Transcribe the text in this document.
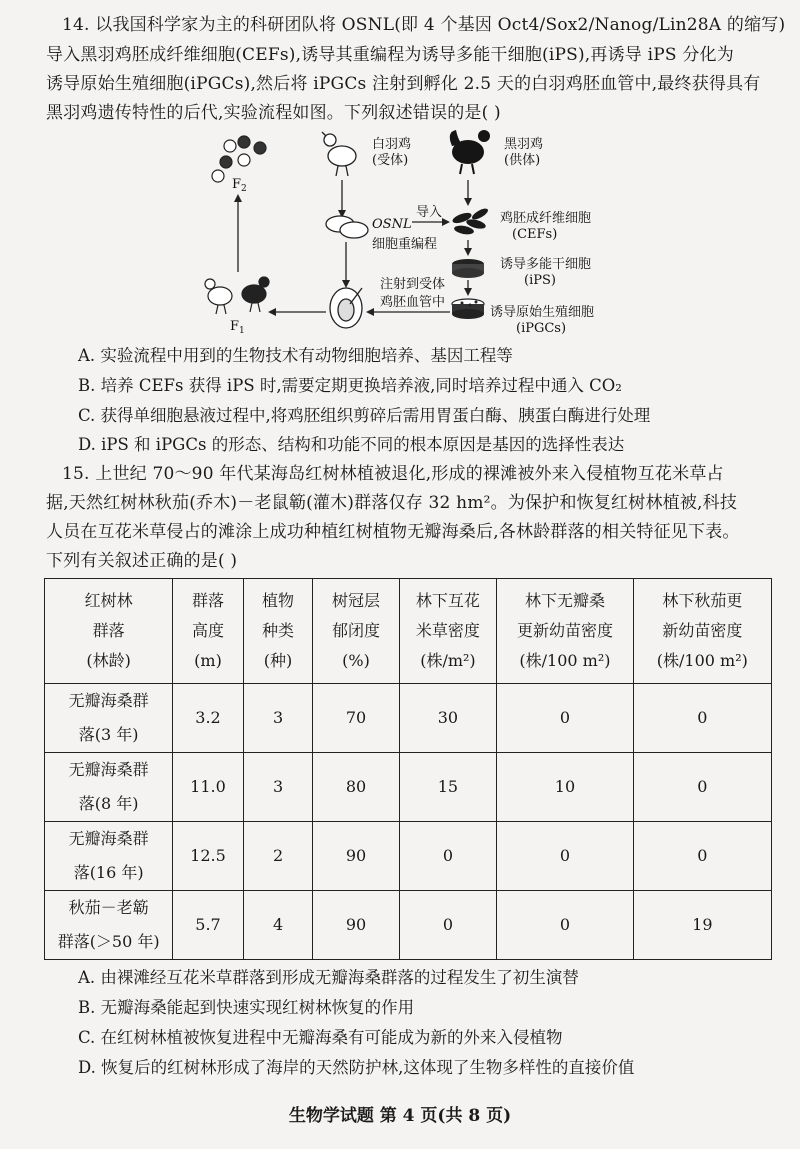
14. 以我国科学家为主的科研团队将 OSNL(即 4 个基因 Oct4/Sox2/Nanog/Lin28A 的缩写)
导入黑羽鸡胚成纤维细胞(CEFs),诱导其重编程为诱导多能干细胞(iPS),再诱导 iPS 分化为
诱导原始生殖细胞(iPGCs),然后将 iPGCs 注射到孵化 2.5 天的白羽鸡胚血管中,最终获得具有
黑羽鸡遗传特性的后代,实验流程如图。下列叙述错误的是( )
$F_2$
白羽鸡
(受体)
黑羽鸡
(供体)
OSNL
导入
细胞重编程
鸡胚成纤维细胞
(CEFs)
诱导多能干细胞
(iPS)
诱导原始生殖细胞
(iPGCs)
注射到受体
鸡胚血管中
$F_1$
A. 实验流程中用到的生物技术有动物细胞培养、基因工程等
B. 培养 CEFs 获得 iPS 时,需要定期更换培养液,同时培养过程中通入 CO₂
C. 获得单细胞悬液过程中,将鸡胚组织剪碎后需用胃蛋白酶、胰蛋白酶进行处理
D. iPS 和 iPGCs 的形态、结构和功能不同的根本原因是基因的选择性表达
15. 上世纪 70～90 年代某海岛红树林植被退化,形成的裸滩被外来入侵植物互花米草占
据,天然红树林秋茄(乔木)－老鼠簕(灌木)群落仅存 32 hm²。为保护和恢复红树林植被,科技
人员在互花米草侵占的滩涂上成功种植红树植物无瓣海桑后,各林龄群落的相关特征见下表。
下列有关叙述正确的是( )
红树林
群落
(林龄)	群落
高度
(m)	植物
种类
(种)	树冠层
郁闭度
(%)	林下互花
米草密度
(株/m²)	林下无瓣桑
更新幼苗密度
(株/100 m²)	林下秋茄更
新幼苗密度
(株/100 m²)

无瓣海桑群
落(3 年)	3.2	3	70	30	0	0

无瓣海桑群
落(8 年)	11.0	3	80	15	10	0

无瓣海桑群
落(16 年)	12.5	2	90	0	0	0

秋茄－老簕
群落(＞50 年)	5.7	4	90	0	0	19
A. 由裸滩经互花米草群落到形成无瓣海桑群落的过程发生了初生演替
B. 无瓣海桑能起到快速实现红树林恢复的作用
C. 在红树林植被恢复进程中无瓣海桑有可能成为新的外来入侵植物
D. 恢复后的红树林形成了海岸的天然防护林,这体现了生物多样性的直接价值
生物学试题 第 4 页(共 8 页)
